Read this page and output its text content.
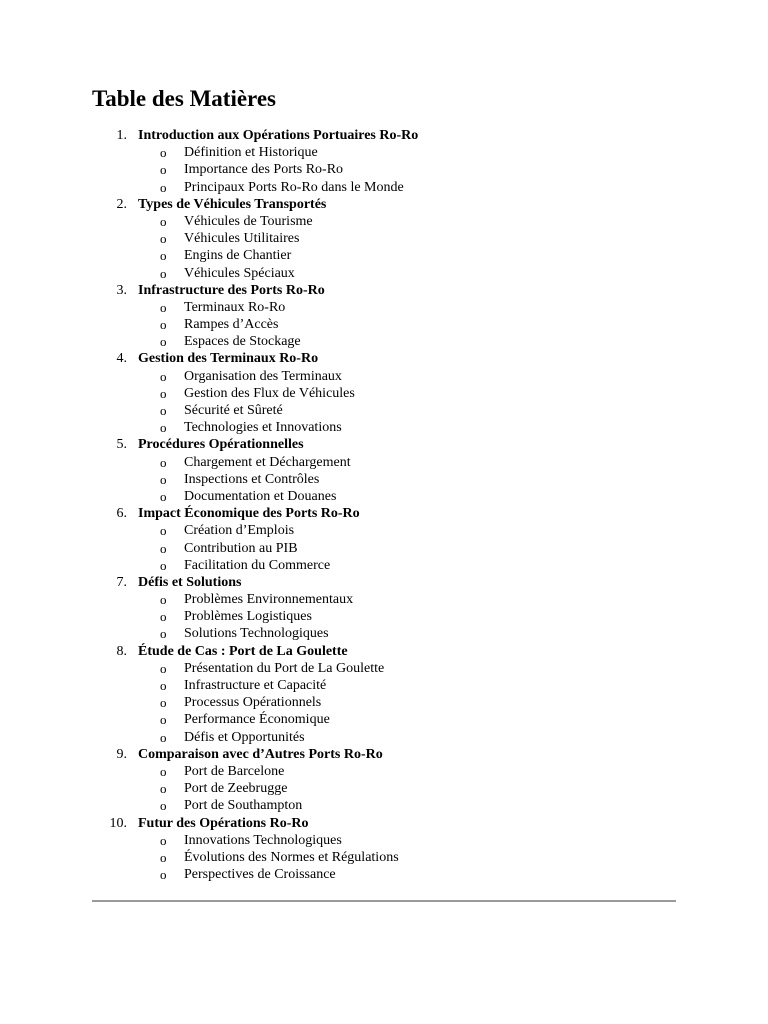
Table des Matières
1. Introduction aux Opérations Portuaires Ro-Ro
o Définition et Historique
o Importance des Ports Ro-Ro
o Principaux Ports Ro-Ro dans le Monde
2. Types de Véhicules Transportés
o Véhicules de Tourisme
o Véhicules Utilitaires
o Engins de Chantier
o Véhicules Spéciaux
3. Infrastructure des Ports Ro-Ro
o Terminaux Ro-Ro
o Rampes d’Accès
o Espaces de Stockage
4. Gestion des Terminaux Ro-Ro
o Organisation des Terminaux
o Gestion des Flux de Véhicules
o Sécurité et Sûreté
o Technologies et Innovations
5. Procédures Opérationnelles
o Chargement et Déchargement
o Inspections et Contrôles
o Documentation et Douanes
6. Impact Économique des Ports Ro-Ro
o Création d’Emplois
o Contribution au PIB
o Facilitation du Commerce
7. Défis et Solutions
o Problèmes Environnementaux
o Problèmes Logistiques
o Solutions Technologiques
8. Étude de Cas : Port de La Goulette
o Présentation du Port de La Goulette
o Infrastructure et Capacité
o Processus Opérationnels
o Performance Économique
o Défis et Opportunités
9. Comparaison avec d’Autres Ports Ro-Ro
o Port de Barcelone
o Port de Zeebrugge
o Port de Southampton
10. Futur des Opérations Ro-Ro
o Innovations Technologiques
o Évolutions des Normes et Régulations
o Perspectives de Croissance
